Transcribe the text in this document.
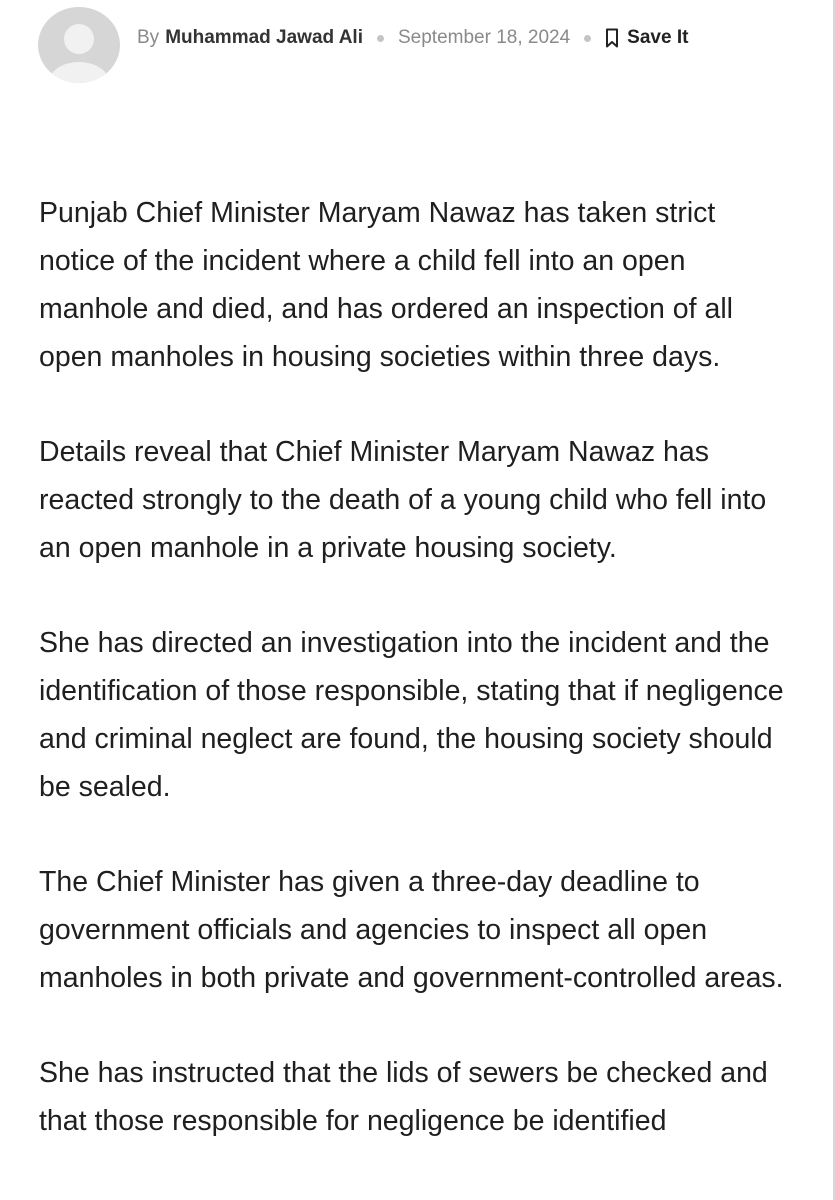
By Muhammad Jawad Ali September 18, 2024	Save It

Punjab Chief Minister Maryam Nawaz has taken strict notice of the incident where a child fell into an open manhole and died, and has ordered an inspection of all open manholes in housing societies within three days.

Details reveal that Chief Minister Maryam Nawaz has reacted strongly to the death of a young child who fell into an open manhole in a private housing society.

She has directed an investigation into the incident and the identification of those responsible, stating that if negligence and criminal neglect are found, the housing society should be sealed.

The Chief Minister has given a three-day deadline to government officials and agencies to inspect all open manholes in both private and government-controlled areas.

She has instructed that the lids of sewers be checked and that those responsible for negligence be identified
